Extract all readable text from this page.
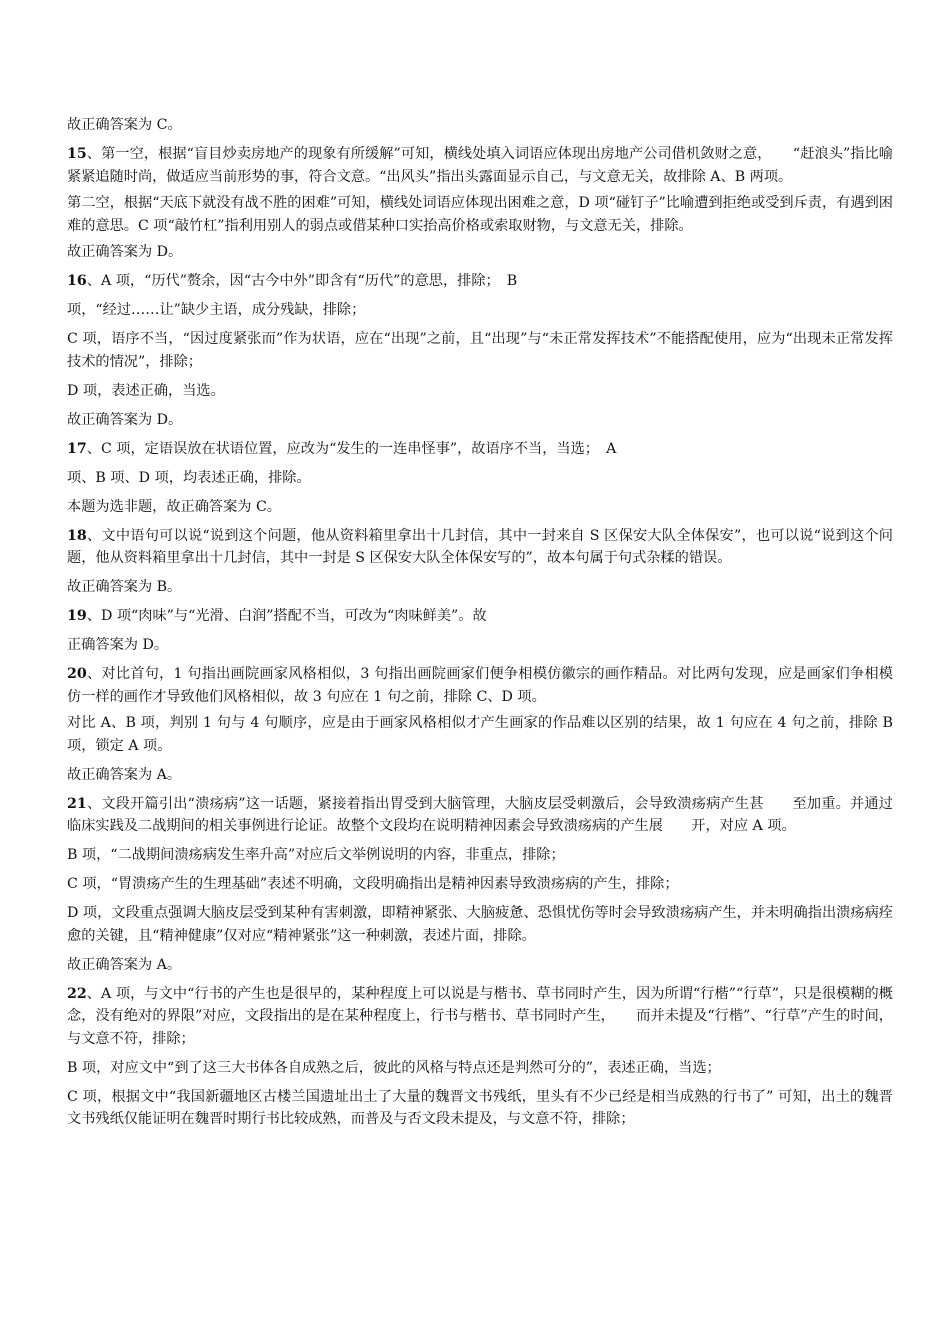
故正确答案为 C。

15、第一空，根据“盲目炒卖房地产的现象有所缓解”可知，横线处填入词语应体现出房地产公司借机敛财之意，　　“赶浪头”指比喻紧紧追随时尚，做适应当前形势的事，符合文意。“出风头”指出头露面显示自己，与文意无关，故排除 A、B 两项。

第二空，根据“天底下就没有战不胜的困难”可知，横线处词语应体现出困难之意，D 项“碰钉子”比喻遭到拒绝或受到斥责，有遇到困难的意思。C 项“敲竹杠”指利用别人的弱点或借某种口实抬高价格或索取财物，与文意无关，排除。

故正确答案为 D。

16、A 项，“历代”赘余，因“古今中外”即含有“历代”的意思，排除；　B

项，“经过……让”缺少主语，成分残缺，排除；

C 项，语序不当，“因过度紧张而”作为状语，应在“出现”之前，且“出现”与“未正常发挥技术”不能搭配使用，应为“出现未正常发挥技术的情况”，排除；

D 项，表述正确，当选。

故正确答案为 D。

17、C 项，定语误放在状语位置，应改为“发生的一连串怪事”，故语序不当，当选；　A

项、B 项、D 项，均表述正确，排除。

本题为选非题，故正确答案为 C。

18、文中语句可以说“说到这个问题，他从资料箱里拿出十几封信，其中一封来自 S 区保安大队全体保安”，也可以说“说到这个问题，他从资料箱里拿出十几封信，其中一封是 S 区保安大队全体保安写的”，故本句属于句式杂糅的错误。

故正确答案为 B。

19、D 项“肉味”与“光滑、白润”搭配不当，可改为“肉味鲜美”。故

正确答案为 D。

20、对比首句，1 句指出画院画家风格相似，3 句指出画院画家们便争相模仿徽宗的画作精品。对比两句发现，应是画家们争相模仿一样的画作才导致他们风格相似，故 3 句应在 1 句之前，排除 C、D 项。

对比 A、B 项，判别 1 句与 4 句顺序，应是由于画家风格相似才产生画家的作品难以区别的结果，故 1 句应在 4 句之前，排除 B 项，锁定 A 项。

故正确答案为 A。

21、文段开篇引出“溃疡病”这一话题，紧接着指出胃受到大脑管理，大脑皮层受刺激后，会导致溃疡病产生甚　　至加重。并通过临床实践及二战期间的相关事例进行论证。故整个文段均在说明精神因素会导致溃疡病的产生展　　开，对应 A 项。

B 项，“二战期间溃疡病发生率升高”对应后文举例说明的内容，非重点，排除；

C 项，“胃溃疡产生的生理基础”表述不明确，文段明确指出是精神因素导致溃疡病的产生，排除；

D 项，文段重点强调大脑皮层受到某种有害刺激，即精神紧张、大脑疲惫、恐惧忧伤等时会导致溃疡病产生，并未明确指出溃疡病痊愈的关键，且“精神健康”仅对应“精神紧张”这一种刺激，表述片面，排除。

故正确答案为 A。

22、A 项，与文中“行书的产生也是很早的，某种程度上可以说是与楷书、草书同时产生，因为所谓“行楷”“行草”，只是很模糊的概念，没有绝对的界限”对应，文段指出的是在某种程度上，行书与楷书、草书同时产生，　　而并未提及“行楷”、“行草”产生的时间，与文意不符，排除；

B 项，对应文中“到了这三大书体各自成熟之后，彼此的风格与特点还是判然可分的”，表述正确，当选；

C 项，根据文中“我国新疆地区古楼兰国遗址出土了大量的魏晋文书残纸，里头有不少已经是相当成熟的行书了” 可知，出土的魏晋文书残纸仅能证明在魏晋时期行书比较成熟，而普及与否文段未提及，与文意不符，排除；
